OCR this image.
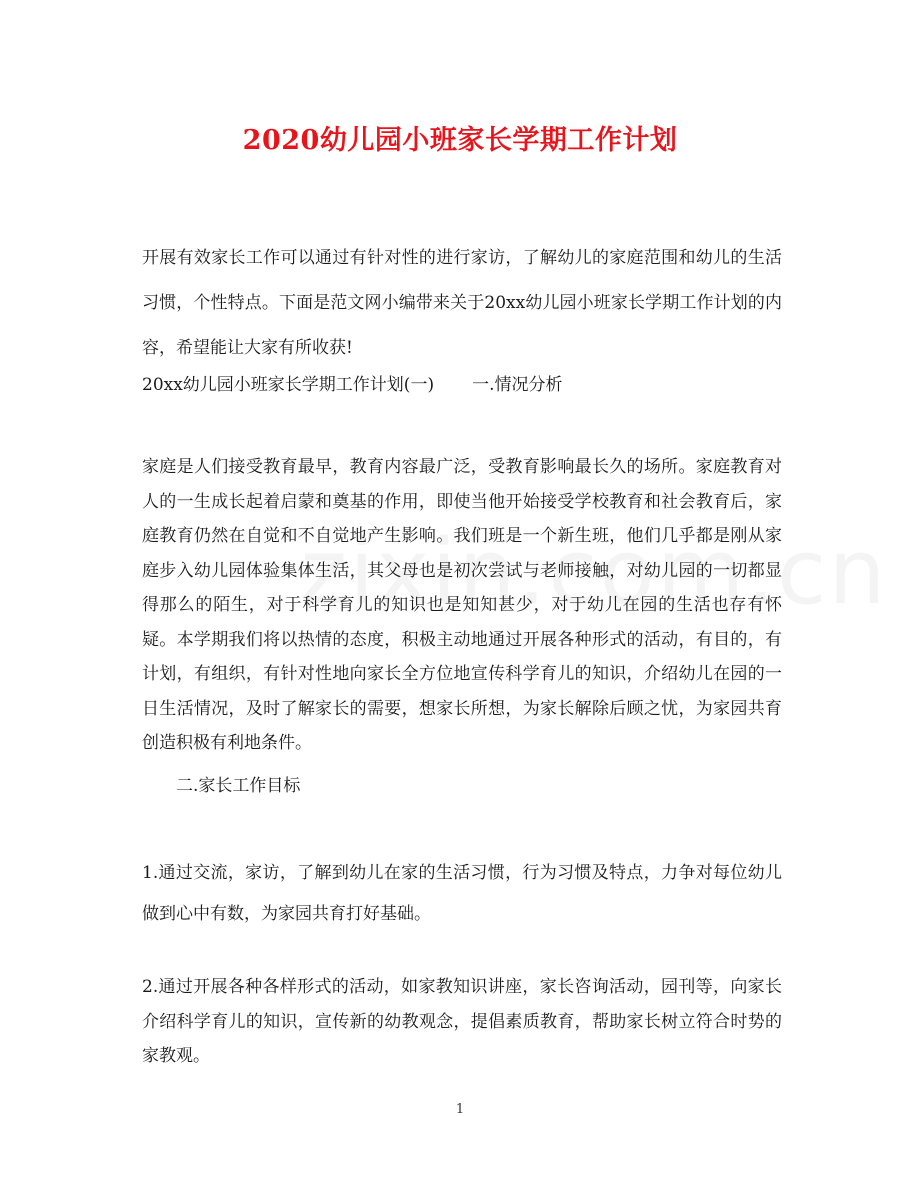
2020幼儿园小班家长学期工作计划

开展有效家长工作可以通过有针对性的进行家访，了解幼儿的家庭范围和幼儿的生活习惯，个性特点。下面是范文网小编带来关于20xx幼儿园小班家长学期工作计划的内容，希望能让大家有所收获!

20xx幼儿园小班家长学期工作计划(一) 一.情况分析

家庭是人们接受教育最早，教育内容最广泛，受教育影响最长久的场所。家庭教育对人的一生成长起着启蒙和奠基的作用，即使当他开始接受学校教育和社会教育后，家庭教育仍然在自觉和不自觉地产生影响。我们班是一个新生班，他们几乎都是刚从家庭步入幼儿园体验集体生活，其父母也是初次尝试与老师接触，对幼儿园的一切都显得那么的陌生，对于科学育儿的知识也是知知甚少，对于幼儿在园的生活也存有怀疑。本学期我们将以热情的态度，积极主动地通过开展各种形式的活动，有目的，有计划，有组织，有针对性地向家长全方位地宣传科学育儿的知识，介绍幼儿在园的一日生活情况，及时了解家长的需要，想家长所想，为家长解除后顾之忧，为家园共育创造积极有利地条件。

二.家长工作目标

1.通过交流，家访，了解到幼儿在家的生活习惯，行为习惯及特点，力争对每位幼儿做到心中有数，为家园共育打好基础。

2.通过开展各种各样形式的活动，如家教知识讲座，家长咨询活动，园刊等，向家长介绍科学育儿的知识，宣传新的幼教观念，提倡素质教育，帮助家长树立符合时势的家教观。

1
